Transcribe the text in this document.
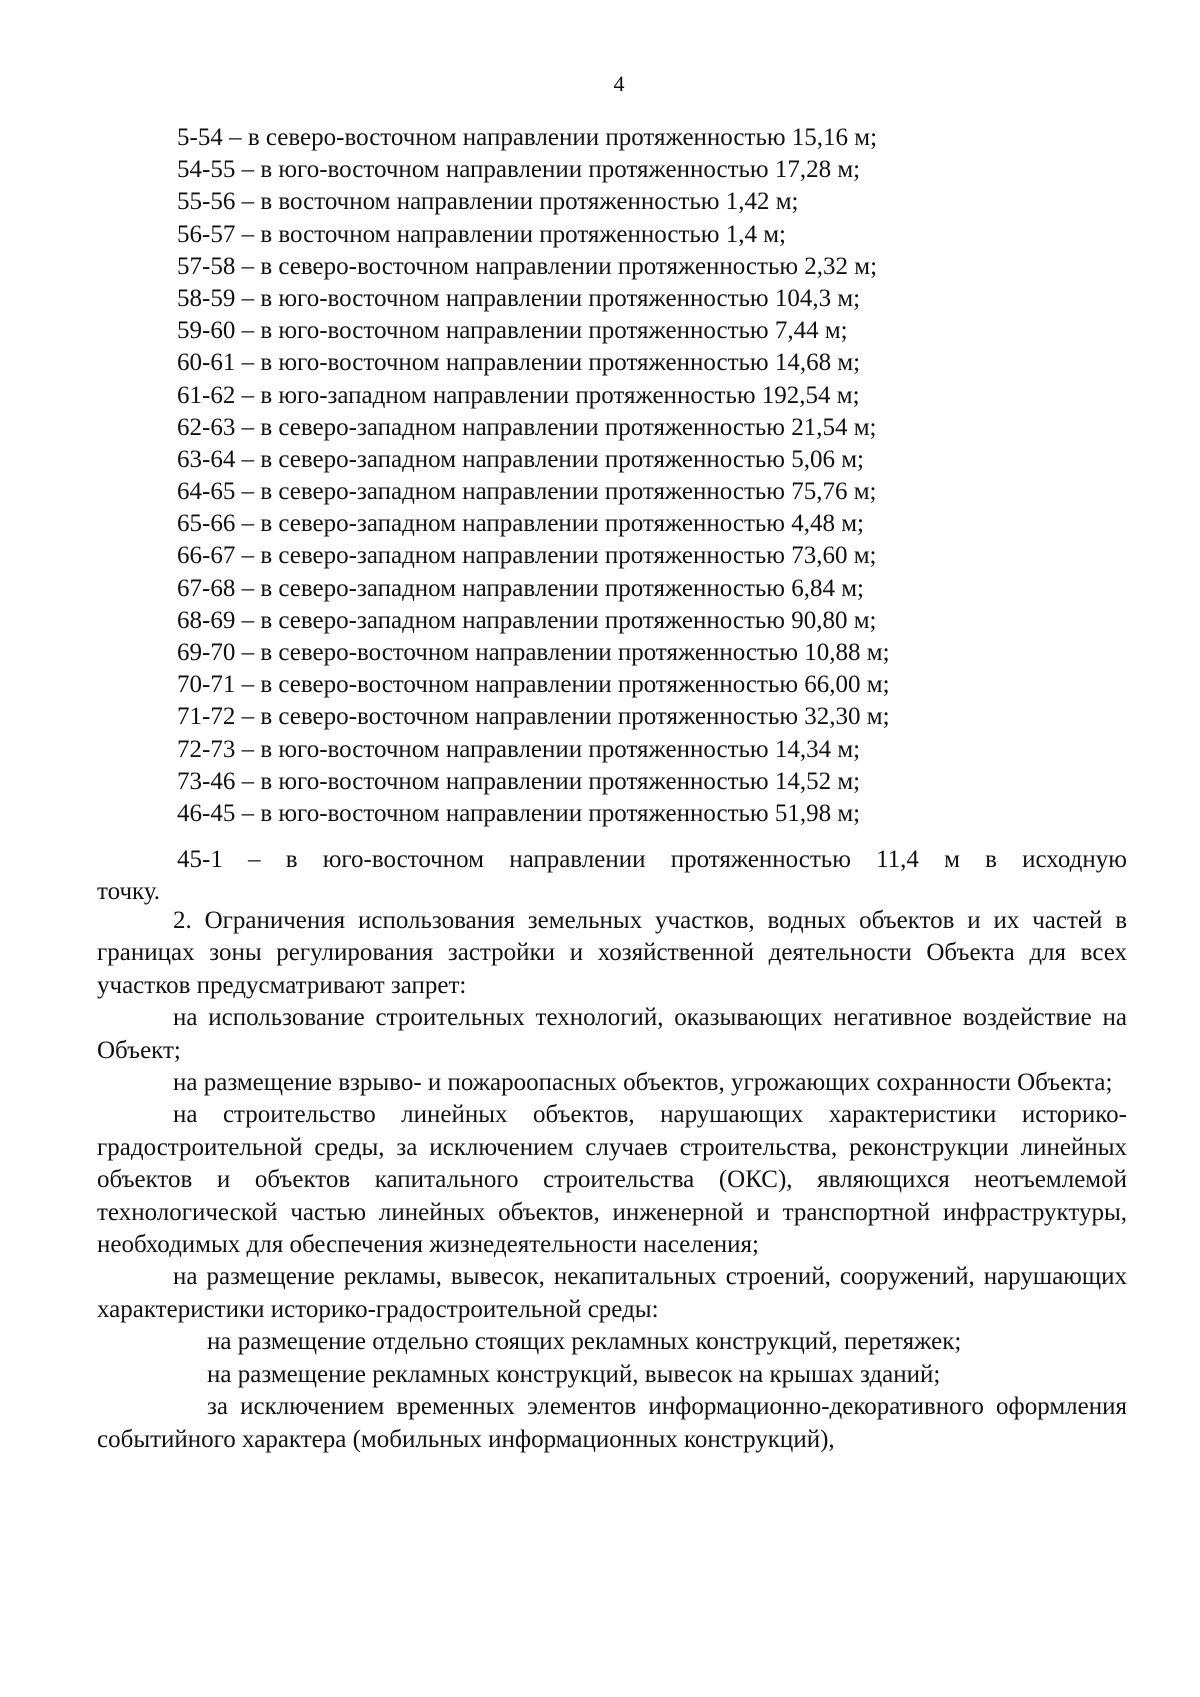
4
5-54 – в северо-восточном направлении протяженностью 15,16 м;
54-55 – в юго-восточном направлении протяженностью 17,28 м;
55-56 – в восточном направлении протяженностью 1,42 м;
56-57 – в восточном направлении протяженностью 1,4 м;
57-58 – в северо-восточном направлении протяженностью 2,32 м;
58-59 – в юго-восточном направлении протяженностью 104,3 м;
59-60 – в юго-восточном направлении протяженностью 7,44 м;
60-61 – в юго-восточном направлении протяженностью 14,68 м;
61-62 – в юго-западном направлении протяженностью 192,54 м;
62-63 – в северо-западном направлении протяженностью 21,54 м;
63-64 – в северо-западном направлении протяженностью 5,06 м;
64-65 – в северо-западном направлении протяженностью 75,76 м;
65-66 – в северо-западном направлении протяженностью 4,48 м;
66-67 – в северо-западном направлении протяженностью 73,60 м;
67-68 – в северо-западном направлении протяженностью 6,84 м;
68-69 – в северо-западном направлении протяженностью 90,80 м;
69-70 – в северо-восточном направлении протяженностью 10,88 м;
70-71 – в северо-восточном направлении протяженностью 66,00 м;
71-72 – в северо-восточном направлении протяженностью 32,30 м;
72-73 – в юго-восточном направлении протяженностью 14,34 м;
73-46 – в юго-восточном направлении протяженностью 14,52 м;
46-45 – в юго-восточном направлении протяженностью 51,98 м;
45-1 – в юго-восточном направлении протяженностью 11,4 м в исходную
точку.

2. Ограничения использования земельных участков, водных объектов и их частей в границах зоны регулирования застройки и хозяйственной деятельности Объекта для всех участков предусматривают запрет:

на использование строительных технологий, оказывающих негативное воздействие на Объект;

на размещение взрыво- и пожароопасных объектов, угрожающих сохранности Объекта;

на строительство линейных объектов, нарушающих характеристики историко-градостроительной среды, за исключением случаев строительства, реконструкции линейных объектов и объектов капитального строительства (ОКС), являющихся неотъемлемой технологической частью линейных объектов, инженерной и транспортной инфраструктуры, необходимых для обеспечения жизнедеятельности населения;

на размещение рекламы, вывесок, некапитальных строений, сооружений, нарушающих характеристики историко-градостроительной среды:

на размещение отдельно стоящих рекламных конструкций, перетяжек;

на размещение рекламных конструкций, вывесок на крышах зданий;

за исключением временных элементов информационно-декоративного оформления событийного характера (мобильных информационных конструкций),
